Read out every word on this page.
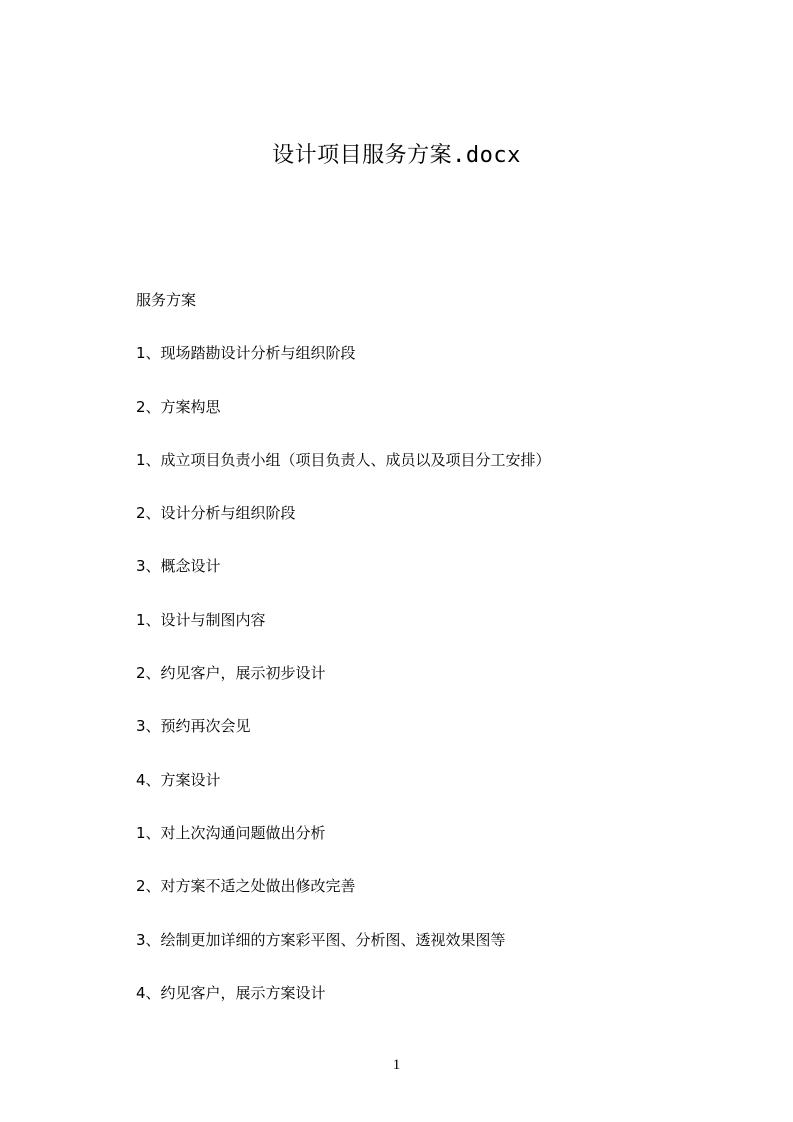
设计项目服务方案.docx
服务方案
1、现场踏勘设计分析与组织阶段
2、方案构思
1、成立项目负责小组（项目负责人、成员以及项目分工安排）
2、设计分析与组织阶段
3、概念设计
1、设计与制图内容
2、约见客户，展示初步设计
3、预约再次会见
4、方案设计
1、对上次沟通问题做出分析
2、对方案不适之处做出修改完善
3、绘制更加详细的方案彩平图、分析图、透视效果图等
4、约见客户，展示方案设计
1
